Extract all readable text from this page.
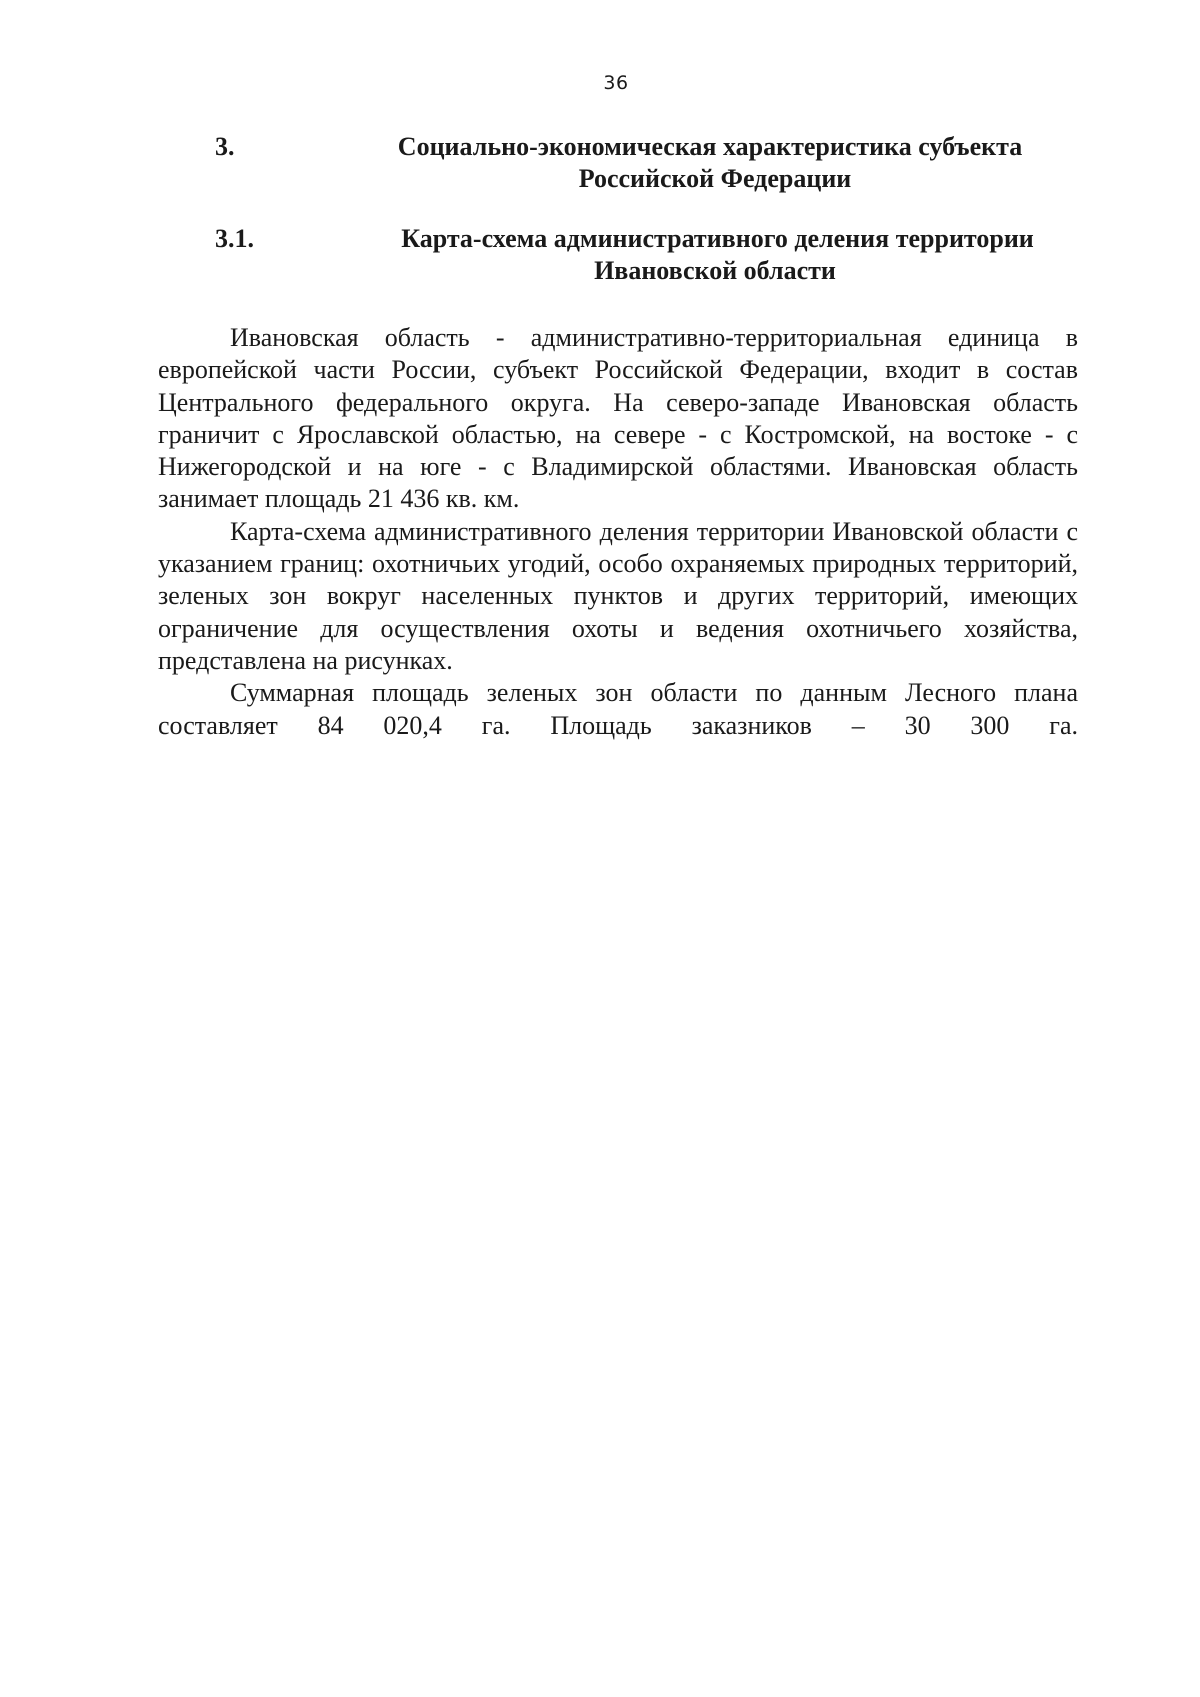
36
3.	Социально-экономическая характеристика субъекта
Российской Федерации
3.1.	Карта-схема административного деления территории
Ивановской области

Ивановская область - административно-территориальная единица в европейской части России, субъект Российской Федерации, входит в состав Центрального федерального округа. На северо-западе Ивановская область граничит с Ярославской областью, на севере - с Костромской, на востоке - с Нижегородской и на юге - с Владимирской областями. Ивановская область занимает площадь 21 436 кв. км.

Карта-схема административного деления территории Ивановской области с указанием границ: охотничьих угодий, особо охраняемых природных территорий, зеленых зон вокруг населенных пунктов и других территорий, имеющих ограничение для осуществления охоты и ведения охотничьего хозяйства, представлена на рисунках.

Суммарная площадь зеленых зон области по данным Лесного плана составляет 84 020,4 га. Площадь заказников – 30 300 га.
